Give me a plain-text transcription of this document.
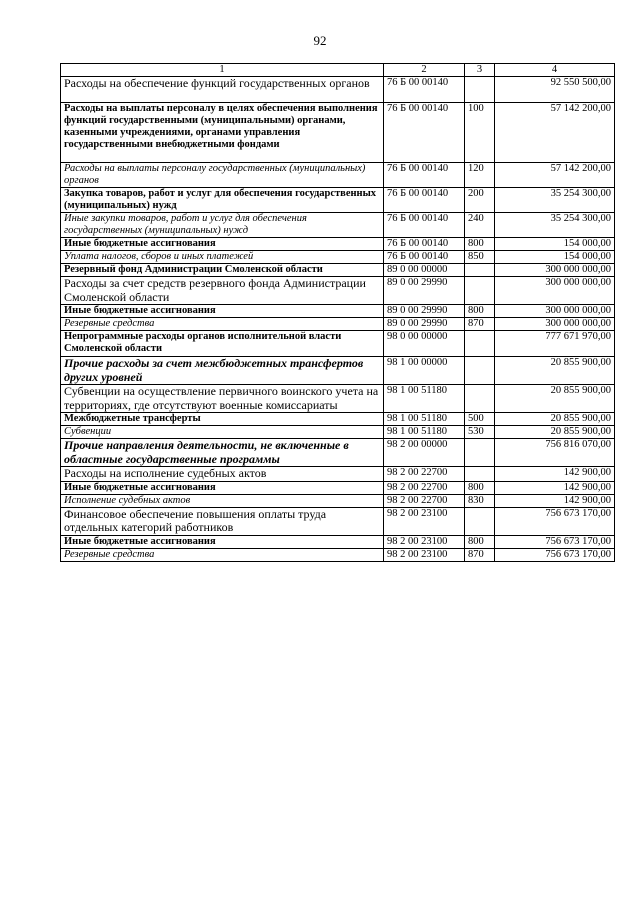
92
1	2	3	4
Расходы на обеспечение функций государственных органов	76 Б 00 00140		92 550 500,00
Расходы на выплаты персоналу в целях обеспечения выполнения функций государственными (муниципальными) органами, казенными учреждениями, органами управления государственными внебюджетными фондами	76 Б 00 00140	100	57 142 200,00
Расходы на выплаты персоналу государственных (муниципальных) органов	76 Б 00 00140	120	57 142 200,00
Закупка товаров, работ и услуг для обеспечения государственных (муниципальных) нужд	76 Б 00 00140	200	35 254 300,00
Иные закупки товаров, работ и услуг для обеспечения государственных (муниципальных) нужд	76 Б 00 00140	240	35 254 300,00
Иные бюджетные ассигнования	76 Б 00 00140	800	154 000,00
Уплата налогов, сборов и иных платежей	76 Б 00 00140	850	154 000,00
Резервный фонд Администрации Смоленской области	89 0 00 00000		300 000 000,00
Расходы за счет средств резервного фонда Администрации Смоленской области	89 0 00 29990		300 000 000,00
Иные бюджетные ассигнования	89 0 00 29990	800	300 000 000,00
Резервные средства	89 0 00 29990	870	300 000 000,00
Непрограммные расходы органов исполнительной власти Смоленской области	98 0 00 00000		777 671 970,00
Прочие расходы за счет межбюджетных трансфертов других уровней	98 1 00 00000		20 855 900,00
Субвенции на осуществление первичного воинского учета на территориях, где отсутствуют военные комиссариаты	98 1 00 51180		20 855 900,00
Межбюджетные трансферты	98 1 00 51180	500	20 855 900,00
Субвенции	98 1 00 51180	530	20 855 900,00
Прочие направления деятельности, не включенные в областные государственные программы	98 2 00 00000		756 816 070,00
Расходы на исполнение судебных актов	98 2 00 22700		142 900,00
Иные бюджетные ассигнования	98 2 00 22700	800	142 900,00
Исполнение судебных актов	98 2 00 22700	830	142 900,00
Финансовое обеспечение повышения оплаты труда отдельных категорий работников	98 2 00 23100		756 673 170,00
Иные бюджетные ассигнования	98 2 00 23100	800	756 673 170,00
Резервные средства	98 2 00 23100	870	756 673 170,00
